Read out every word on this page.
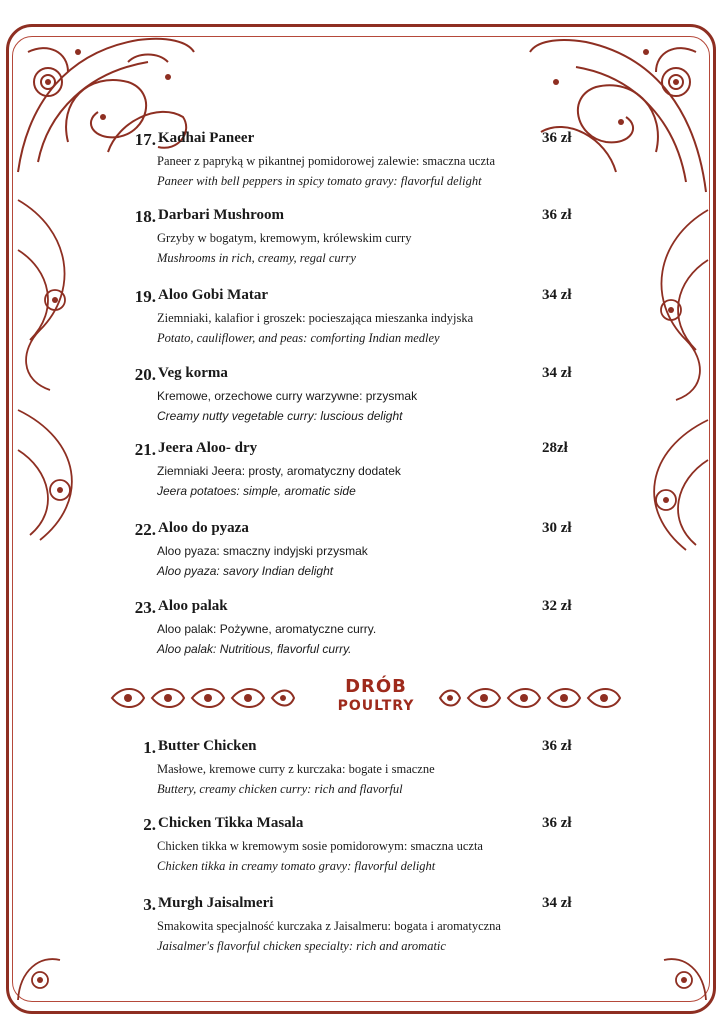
17. Kadhai Paneer	36 zł
Paneer z papryką w pikantnej pomidorowej zalewie: smaczna uczta
Paneer with bell peppers in spicy tomato gravy: flavorful delight
18. Darbari Mushroom	36 zł
Grzyby w bogatym, kremowym, królewskim curry
Mushrooms in rich, creamy, regal curry
19. Aloo Gobi Matar	34 zł
Ziemniaki, kalafior i groszek: pocieszająca mieszanka indyjska
Potato, cauliflower, and peas: comforting Indian medley
20. Veg korma	34 zł
Kremowe, orzechowe curry warzywne: przysmak
Creamy nutty vegetable curry: luscious delight
21. Jeera Aloo- dry	28zł
Ziemniaki Jeera: prosty, aromatyczny dodatek
Jeera potatoes: simple, aromatic side
22. Aloo do pyaza	30 zł
Aloo pyaza: smaczny indyjski przysmak
Aloo pyaza: savory Indian delight
23. Aloo palak	32 zł
Aloo palak: Pożywne, aromatyczne curry.
Aloo palak: Nutritious, flavorful curry.
DRÓB
POULTRY
1. Butter Chicken	36 zł
Masłowe, kremowe curry z kurczaka: bogate i smaczne
Buttery, creamy chicken curry: rich and flavorful
2. Chicken Tikka Masala	36 zł
Chicken tikka w kremowym sosie pomidorowym: smaczna uczta
Chicken tikka in creamy tomato gravy: flavorful delight
3. Murgh Jaisalmeri	34 zł
Smakowita specjalność kurczaka z Jaisalmeru: bogata i aromatyczna
Jaisalmer's flavorful chicken specialty: rich and aromatic
